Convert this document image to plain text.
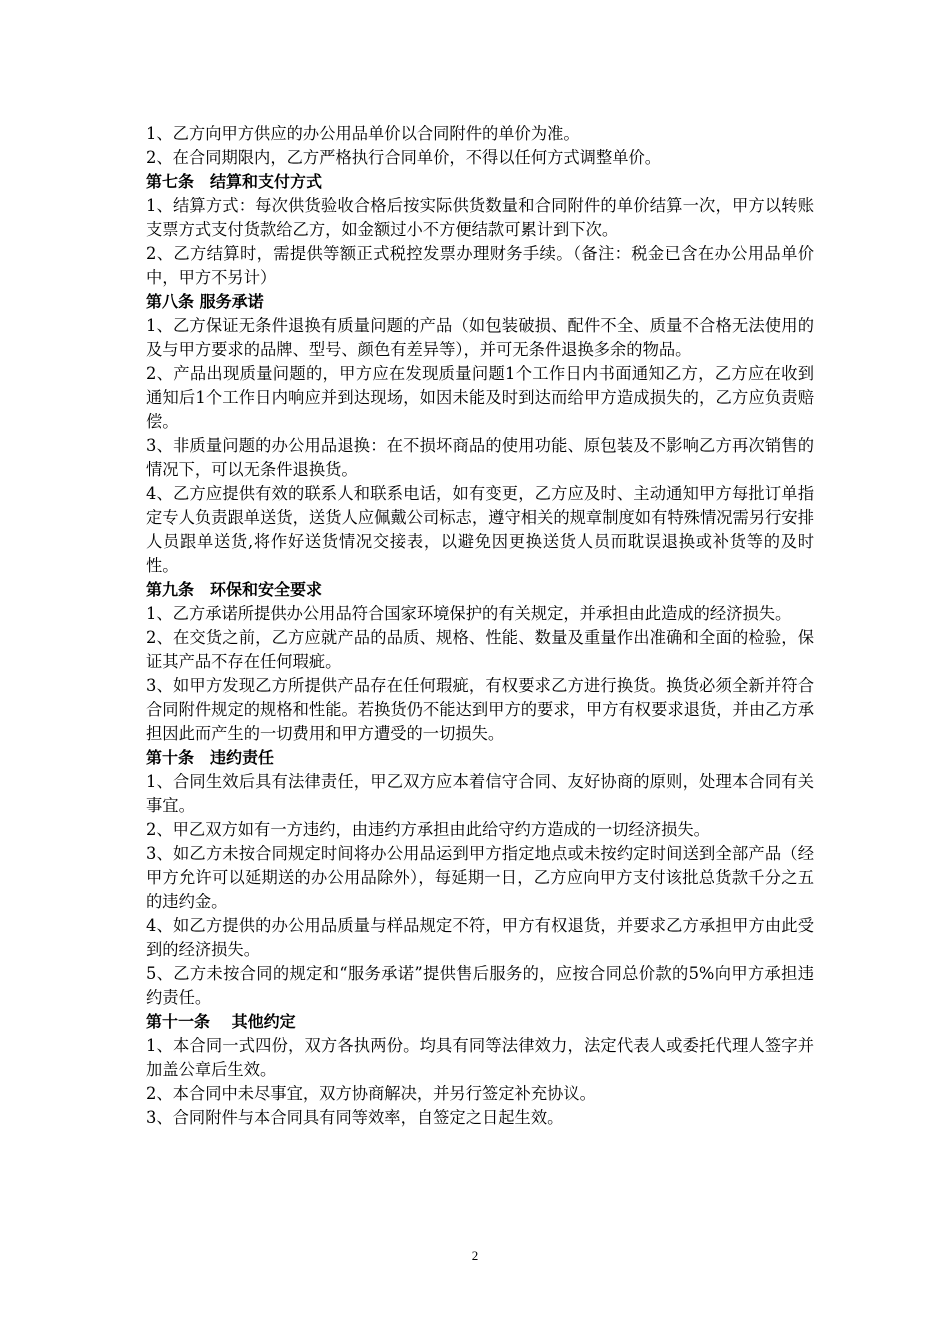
1、乙方向甲方供应的办公用品单价以合同附件的单价为准。

2、在合同期限内，乙方严格执行合同单价，不得以任何方式调整单价。

第七条　结算和支付方式

1、结算方式：每次供货验收合格后按实际供货数量和合同附件的单价结算一次，甲方以转账支票方式支付货款给乙方，如金额过小不方便结款可累计到下次。

2、乙方结算时，需提供等额正式税控发票办理财务手续。（备注：税金已含在办公用品单价中，甲方不另计）

第八条 服务承诺

1、乙方保证无条件退换有质量问题的产品（如包装破损、配件不全、质量不合格无法使用的及与甲方要求的品牌、型号、颜色有差异等），并可无条件退换多余的物品。

2、产品出现质量问题的，甲方应在发现质量问题1个工作日内书面通知乙方，乙方应在收到通知后1个工作日内响应并到达现场，如因未能及时到达而给甲方造成损失的，乙方应负责赔偿。

3、非质量问题的办公用品退换：在不损坏商品的使用功能、原包装及不影响乙方再次销售的情况下，可以无条件退换货。

4、乙方应提供有效的联系人和联系电话，如有变更，乙方应及时、主动通知甲方每批订单指定专人负责跟单送货，送货人应佩戴公司标志，遵守相关的规章制度如有特殊情况需另行安排人员跟单送货,将作好送货情况交接表，以避免因更换送货人员而耽误退换或补货等的及时性。

第九条　环保和安全要求

1、乙方承诺所提供办公用品符合国家环境保护的有关规定，并承担由此造成的经济损失。

2、在交货之前，乙方应就产品的品质、规格、性能、数量及重量作出准确和全面的检验，保证其产品不存在任何瑕疵。

3、如甲方发现乙方所提供产品存在任何瑕疵，有权要求乙方进行换货。换货必须全新并符合合同附件规定的规格和性能。若换货仍不能达到甲方的要求，甲方有权要求退货，并由乙方承担因此而产生的一切费用和甲方遭受的一切损失。

第十条　违约责任

1、合同生效后具有法律责任，甲乙双方应本着信守合同、友好协商的原则，处理本合同有关事宜。

2、甲乙双方如有一方违约，由违约方承担由此给守约方造成的一切经济损失。

3、如乙方未按合同规定时间将办公用品运到甲方指定地点或未按约定时间送到全部产品（经甲方允许可以延期送的办公用品除外），每延期一日，乙方应向甲方支付该批总货款千分之五的违约金。

4、如乙方提供的办公用品质量与样品规定不符，甲方有权退货，并要求乙方承担甲方由此受到的经济损失。

5、乙方未按合同的规定和“服务承诺”提供售后服务的，应按合同总价款的5%向甲方承担违约责任。

第十一条　 其他约定

1、本合同一式四份，双方各执两份。均具有同等法律效力，法定代表人或委托代理人签字并加盖公章后生效。

2、本合同中未尽事宜，双方协商解决，并另行签定补充协议。

3、合同附件与本合同具有同等效率，自签定之日起生效。

2
